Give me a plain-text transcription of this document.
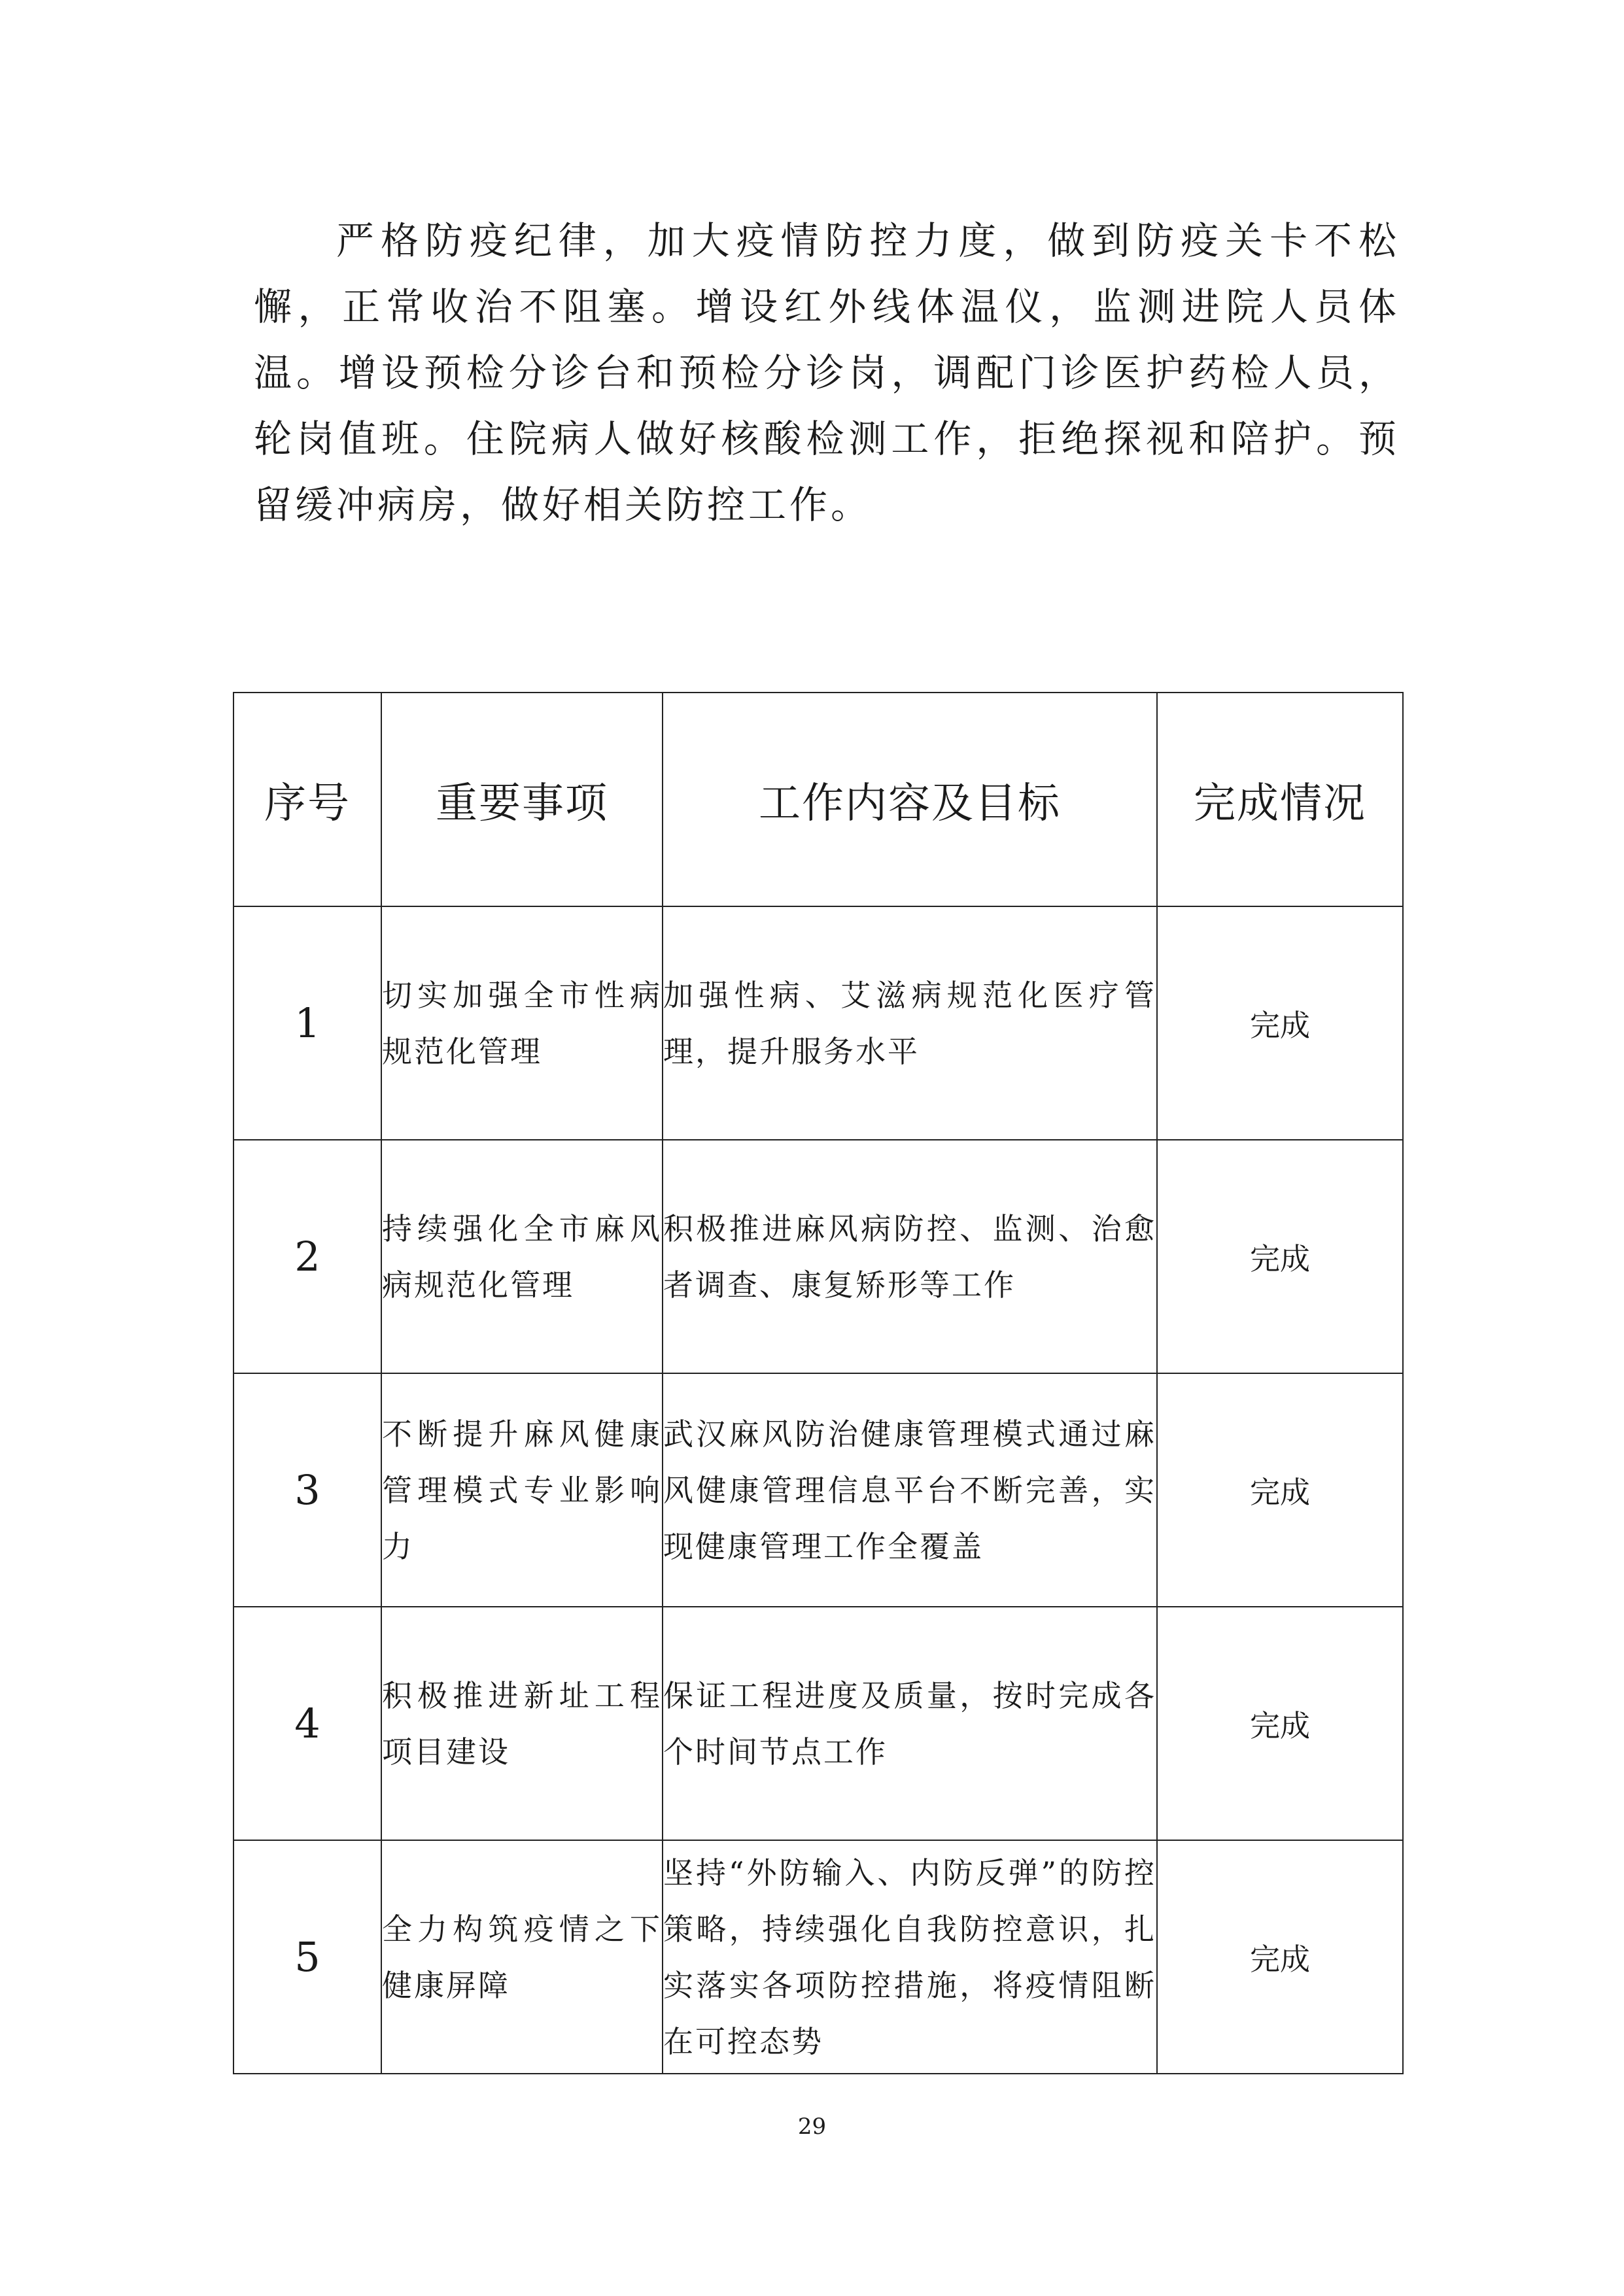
严格防疫纪律，加大疫情防控力度，做到防疫关卡不松懈，正常收治不阻塞。增设红外线体温仪，监测进院人员体温。增设预检分诊台和预检分诊岗，调配门诊医护药检人员，轮岗值班。住院病人做好核酸检测工作，拒绝探视和陪护。预留缓冲病房，做好相关防控工作。

序号	重要事项	工作内容及目标	完成情况
1	切实加强全市性病规范化管理	加强性病、艾滋病规范化医疗管理，提升服务水平	完成
2	持续强化全市麻风病规范化管理	积极推进麻风病防控、监测、治愈者调查、康复矫形等工作	完成
3	不断提升麻风健康管理模式专业影响力	武汉麻风防治健康管理模式通过麻风健康管理信息平台不断完善，实现健康管理工作全覆盖	完成
4	积极推进新址工程项目建设	保证工程进度及质量，按时完成各个时间节点工作	完成
5	全力构筑疫情之下健康屏障	坚持“外防输入、内防反弹”的防控策略，持续强化自我防控意识，扎实落实各项防控措施，将疫情阻断在可控态势	完成
29
